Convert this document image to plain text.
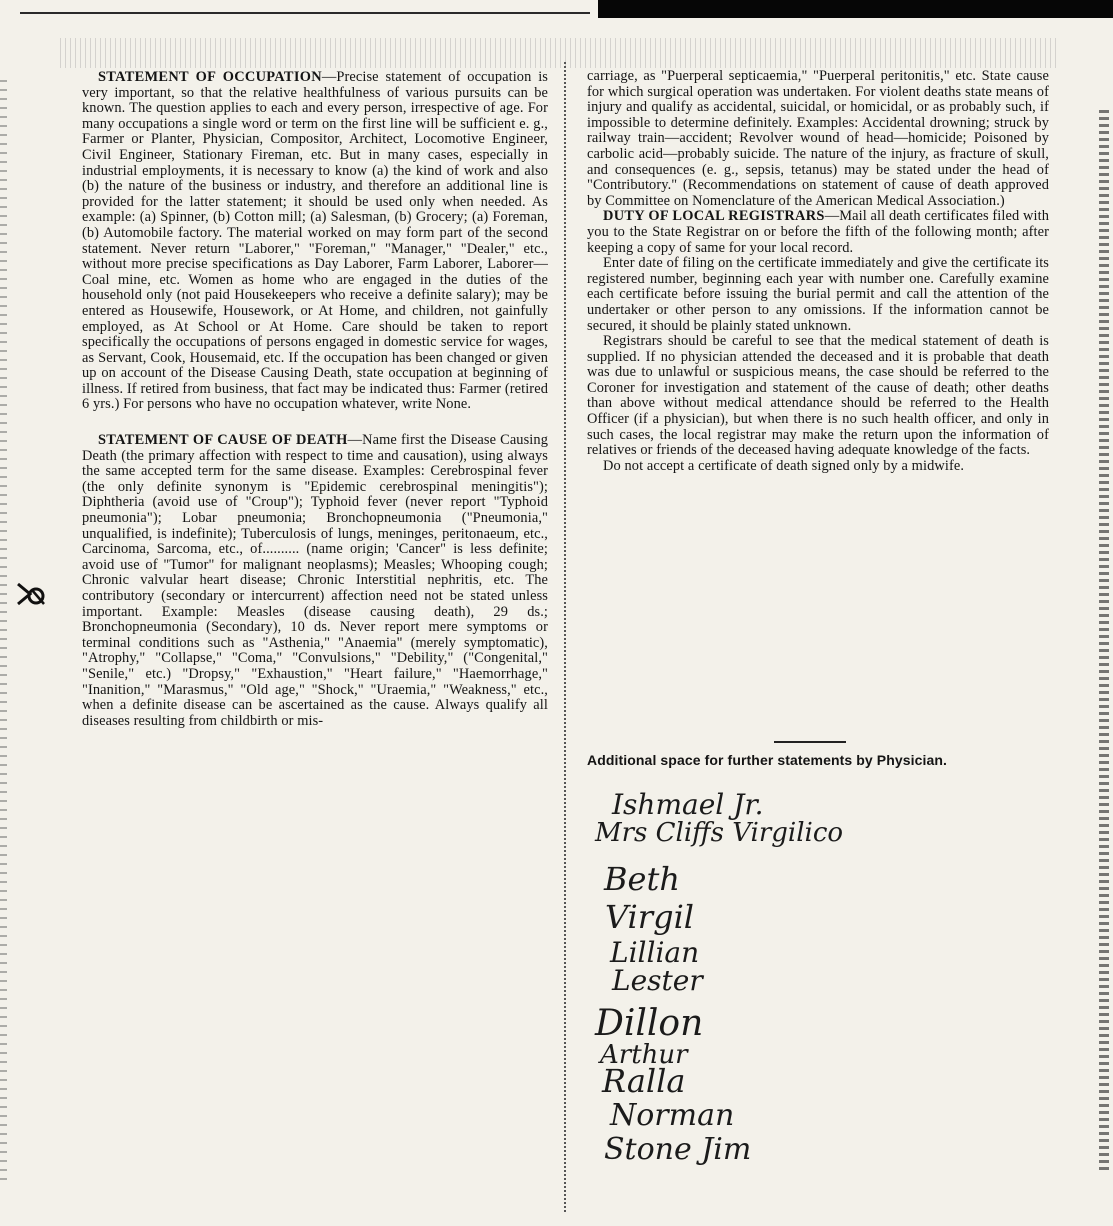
STATEMENT OF OCCUPATION—Precise statement of occupation is very important, so that the relative healthfulness of various pursuits can be known. The question applies to each and every person, irrespective of age. For many occupations a single word or term on the first line will be sufficient e. g., Farmer or Planter, Physician, Compositor, Architect, Locomotive Engineer, Civil Engineer, Stationary Fireman, etc. But in many cases, especially in industrial employments, it is necessary to know (a) the kind of work and also (b) the nature of the business or industry, and therefore an additional line is provided for the latter statement; it should be used only when needed. As example: (a) Spinner, (b) Cotton mill; (a) Salesman, (b) Grocery; (a) Foreman, (b) Automobile factory. The material worked on may form part of the second statement. Never return "Laborer," "Foreman," "Manager," "Dealer," etc., without more precise specifications as Day Laborer, Farm Laborer, Laborer—Coal mine, etc. Women as home who are engaged in the duties of the household only (not paid Housekeepers who receive a definite salary); may be entered as Housewife, Housework, or At Home, and children, not gainfully employed, as At School or At Home. Care should be taken to report specifically the occupations of persons engaged in domestic service for wages, as Servant, Cook, Housemaid, etc. If the occupation has been changed or given up on account of the Disease Causing Death, state occupation at beginning of illness. If retired from business, that fact may be indicated thus: Farmer (retired 6 yrs.) For persons who have no occupation whatever, write None.

STATEMENT OF CAUSE OF DEATH—Name first the Disease Causing Death (the primary affection with respect to time and causation), using always the same accepted term for the same disease. Examples: Cerebrospinal fever (the only definite synonym is "Epidemic cerebrospinal meningitis"); Diphtheria (avoid use of "Croup"); Typhoid fever (never report "Typhoid pneumonia"); Lobar pneumonia; Bronchopneumonia ("Pneumonia," unqualified, is indefinite); Tuberculosis of lungs, meninges, peritonaeum, etc., Carcinoma, Sarcoma, etc., of.......... (name origin; 'Cancer" is less definite; avoid use of "Tumor" for malignant neoplasms); Measles; Whooping cough; Chronic valvular heart disease; Chronic Interstitial nephritis, etc. The contributory (secondary or intercurrent) affection need not be stated unless important. Example: Measles (disease causing death), 29 ds.; Bronchopneumonia (Secondary), 10 ds. Never report mere symptoms or terminal conditions such as "Asthenia," "Anaemia" (merely symptomatic), "Atrophy," "Collapse," "Coma," "Convulsions," "Debility," ("Congenital," "Senile," etc.) "Dropsy," "Exhaustion," "Heart failure," "Haemorrhage," "Inanition," "Marasmus," "Old age," "Shock," "Uraemia," "Weakness," etc., when a definite disease can be ascertained as the cause. Always qualify all diseases resulting from childbirth or mis-

carriage, as "Puerperal septicaemia," "Puerperal peritonitis," etc. State cause for which surgical operation was undertaken. For violent deaths state means of injury and qualify as accidental, suicidal, or homicidal, or as probably such, if impossible to determine definitely. Examples: Accidental drowning; struck by railway train—accident; Revolver wound of head—homicide; Poisoned by carbolic acid—probably suicide. The nature of the injury, as fracture of skull, and consequences (e. g., sepsis, tetanus) may be stated under the head of "Contributory." (Recommendations on statement of cause of death approved by Committee on Nomenclature of the American Medical Association.)

DUTY OF LOCAL REGISTRARS—Mail all death certificates filed with you to the State Registrar on or before the fifth of the following month; after keeping a copy of same for your local record.

Enter date of filing on the certificate immediately and give the certificate its registered number, beginning each year with number one. Carefully examine each certificate before issuing the burial permit and call the attention of the undertaker or other person to any omissions. If the information cannot be secured, it should be plainly stated unknown.

Registrars should be careful to see that the medical statement of death is supplied. If no physician attended the deceased and it is probable that death was due to unlawful or suspicious means, the case should be referred to the Coroner for investigation and statement of the cause of death; other deaths than above without medical attendance should be referred to the Health Officer (if a physician), but when there is no such health officer, and only in such cases, the local registrar may make the return upon the information of relatives or friends of the deceased having adequate knowledge of the facts.

Do not accept a certificate of death signed only by a midwife.

Additional space for further statements by Physician.
Ishmael Jr.
Mrs Cliffs Virgilico
Beth
Virgil
Lillian
Lester
Dillon
Arthur
Ralla
Norman
Stone Jim
